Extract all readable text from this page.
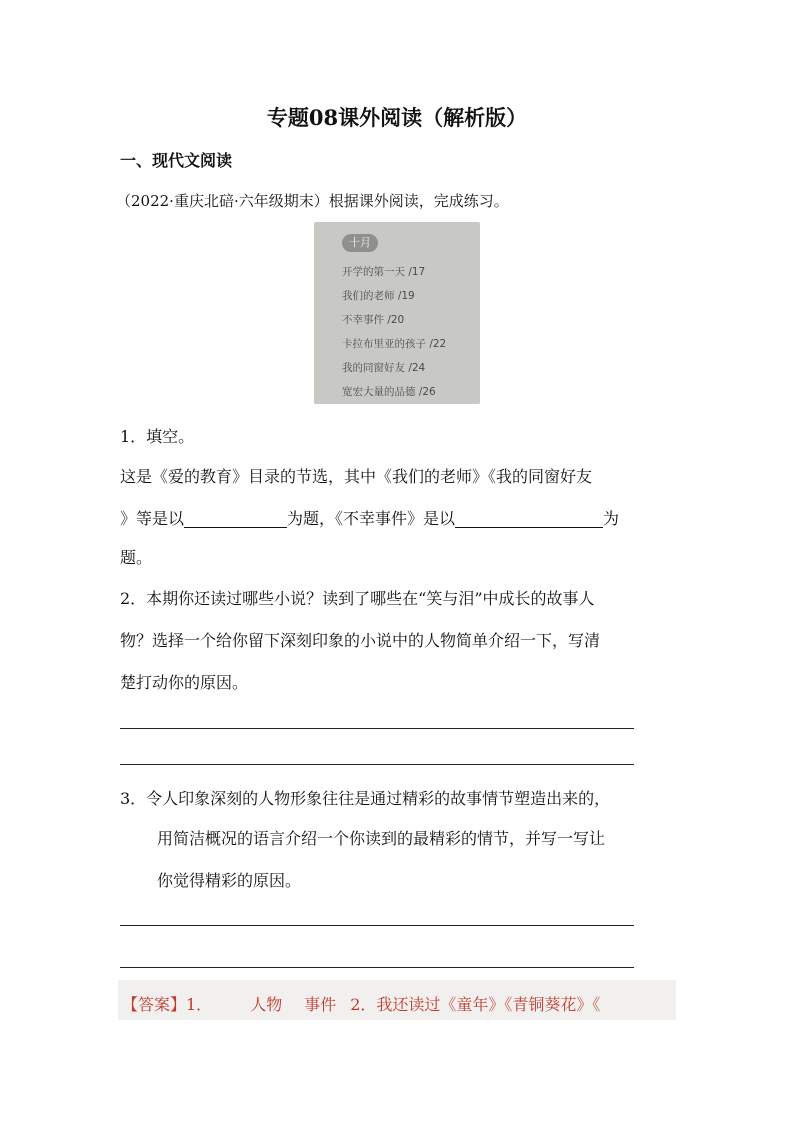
专题08课外阅读（解析版）
一、现代文阅读
（2022·重庆北碚·六年级期末）根据课外阅读，完成练习。
十月
开学的第一天 /17
我们的老师 /19
不幸事件 /20
卡拉布里亚的孩子 /22
我的同窗好友 /24
宽宏大量的品德 /26
1．填空。
这是《爱的教育》目录的节选，其中《我们的老师》《我的同窗好友
》等是以	为题，《不幸事件》是以	为
题。
2．本期你还读过哪些小说？读到了哪些在“笑与泪”中成长的故事人
物？选择一个给你留下深刻印象的小说中的人物简单介绍一下，写清
楚打动你的原因。
3．令人印象深刻的人物形象往往是通过精彩的故事情节塑造出来的，
用简洁概况的语言介绍一个你读到的最精彩的情节，并写一写让
你觉得精彩的原因。
【答案】1． 人物 事件 2．我还读过《童年》《青铜葵花》《
